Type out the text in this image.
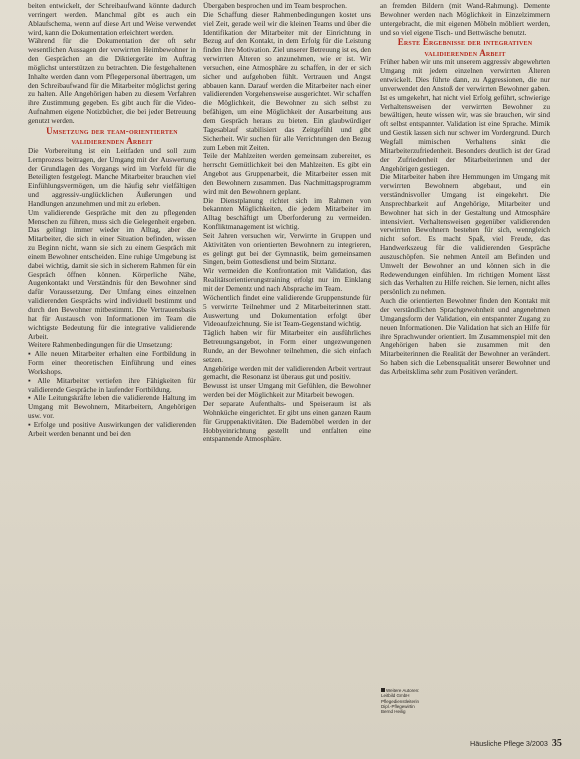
beiten entwickelt, der Schreibaufwand könnte dadurch verringert werden. Manchmal gibt es auch ein Ablaufschema, wenn auf diese Art und Weise verwendet wird, kann die Dokumentation erleichtert werden.

Während für die Dokumentation der oft sehr wesentlichen Aussagen der verwirrten Heimbewohner in den Gesprächen an die Diktiergeräte im Auftrag möglichst unterstützen zu betrachten. Die festgehaltenen Inhalte werden dann vom Pflegepersonal übertragen, um den Schreibaufwand für die Mitarbeiter möglichst gering zu halten. Alle Angehörigen haben zu diesem Verfahren ihre Zustimmung gegeben. Es gibt auch für die Video-Aufnahmen eigene Notizbücher, die bei jeder Betreuung genutzt werden.

Umsetzung der team-orientierten validierenden Arbeit

Die Vorbereitung ist ein Leitfaden und soll zum Lernprozess beitragen, der Umgang mit der Auswertung der Grundlagen des Vorgangs wird im Vorfeld für die Beteiligten festgelegt. Manche Mitarbeiter brauchen viel Einfühlungsvermögen, um die häufig sehr vielfältigen und aggressiv-unglücklichen Äußerungen und Handlungen anzunehmen und mit zu erleben.

Um validierende Gespräche mit den zu pflegenden Menschen zu führen, muss sich die Gelegenheit ergeben. Das gelingt immer wieder im Alltag, aber die Mitarbeiter, die sich in einer Situation befinden, wissen zu Beginn nicht, wann sie sich zu einem Gespräch mit einem Bewohner entscheiden. Eine ruhige Umgebung ist dabei wichtig, damit sie sich in sicherem Rahmen für ein Gespräch öffnen können. Körperliche Nähe, Augenkontakt und Verständnis für den Bewohner sind dafür Voraussetzung. Der Umfang eines einzelnen validierenden Gesprächs wird individuell bestimmt und durch den Bewohner mitbestimmt. Die Vertrauensbasis hat für Austausch von Informationen im Team die wichtigste Bedeutung für die integrative validierende Arbeit.

Weitere Rahmenbedingungen für die Umsetzung:

▪ Alle neuen Mitarbeiter erhalten eine Fortbildung in Form einer theoretischen Einführung und eines Workshops.

▪ Alle Mitarbeiter vertiefen ihre Fähigkeiten für validierende Gespräche in laufender Fortbildung.

▪ Alle Leitungskräfte leben die validierende Haltung im Umgang mit Bewohnern, Mitarbeitern, Angehörigen usw. vor.

▪ Erfolge und positive Auswirkungen der validierenden Arbeit werden benannt und bei den

Übergaben besprochen und im Team besprochen.

Die Schaffung dieser Rahmenbedingungen kostet uns viel Zeit, gerade weil wir die kleinen Teams und über die Identifikation der Mitarbeiter mit der Einrichtung in Bezug auf den Kontakt, in dem Erfolg für die Leistung finden ihre Motivation. Ziel unserer Betreuung ist es, den verwirrten Älteren so anzunehmen, wie er ist. Wir versuchen, eine Atmosphäre zu schaffen, in der er sich sicher und aufgehoben fühlt. Vertrauen und Angst abbauen kann. Darauf werden die Mitarbeiter nach einer validierenden Vorgehensweise ausgerichtet. Wir schaffen die Möglichkeit, die Bewohner zu sich selbst zu befähigen, um eine Möglichkeit der Ausarbeitung aus dem Gespräch heraus zu bieten. Ein glaubwürdiger Tagesablauf stabilisiert das Zeitgefühl und gibt Sicherheit. Wir suchen für alle Verrichtungen den Bezug zum Leben mit Zeiten.

Teile der Mahlzeiten werden gemeinsam zubereitet, es herrscht Gemütlichkeit bei den Mahlzeiten. Es gibt ein Angebot aus Gruppenarbeit, die Mitarbeiter essen mit den Bewohnern zusammen. Das Nachmittagsprogramm wird mit den Bewohnern geplant.

Die Dienstplanung richtet sich im Rahmen von bekannten Möglichkeiten, die jedem Mitarbeiter im Alltag beschäftigt um Überforderung zu vermeiden. Konfliktmanagement ist wichtig.

Seit Jahren versuchen wir, Verwirrte in Gruppen und Aktivitäten von orientierten Bewohnern zu integrieren, es gelingt gut bei der Gymnastik, beim gemeinsamen Singen, beim Gottesdienst und beim Sitztanz.

Wir vermeiden die Konfrontation mit Validation, das Realitätsorientierungstraining erfolgt nur im Einklang mit der Dementz und nach Absprache im Team.

Wöchentlich findet eine validierende Gruppenstunde für 5 verwirrte Teilnehmer und 2 Mitarbeiterinnen statt. Auswertung und Dokumentation erfolgt über Videoaufzeichnung. Sie ist Team-Gegenstand wichtig.

Täglich haben wir für Mitarbeiter ein ausführliches Betreuungsangebot, in Form einer ungezwungenen Runde, an der Bewohner teilnehmen, die sich einfach setzen.

Angehörige werden mit der validierenden Arbeit vertraut gemacht, die Resonanz ist überaus gut und positiv.

Bewusst ist unser Umgang mit Gefühlen, die Bewohner werden bei der Möglichkeit zur Mitarbeit bewogen.

Der separate Aufenthalts- und Speiseraum ist als Wohnküche eingerichtet. Er gibt uns einen ganzen Raum für Gruppenaktivitäten. Die Bademöbel werden in der Hobbyeinrichtung gestellt und entfalten eine entspannende Atmosphäre.

an fremden Bildern (mit Wand-Rahmung). Demente Bewohner werden nach Möglichkeit in Einzelzimmern untergebracht, die mit eigenen Möbeln möbliert werden, und so viel eigene Tisch- und Bettwäsche benutzt.

Erste Ergebnisse der integrativen validierenden Arbeit

Früher haben wir uns mit unserem aggressiv abgewehrten Umgang mit jedem einzelnen verwirrten Älteren entwickelt. Dies führte dann, zu Aggressionen, die nur unverwendet den Anstoß der verwirrten Bewohner gaben. Ist es umgekehrt, hat nicht viel Erfolg geführt, schwierige Verhaltensweisen der verwirrten Bewohner zu bewältigen, heute wissen wir, was sie brauchen, wir sind oft selbst entspannter. Validation ist eine Sprache. Mimik und Gestik lassen sich nur schwer im Vordergrund. Durch Wegfall mimischen Verhaltens sinkt die Mitarbeiterzufriedenheit. Besonders deutlich ist der Grad der Zufriedenheit der Mitarbeiterinnen und der Angehörigen gestiegen.

Die Mitarbeiter haben ihre Hemmungen im Umgang mit verwirrten Bewohnern abgebaut, und ein verständnisvoller Umgang ist eingekehrt. Die Ansprechbarkeit auf Angehörige, Mitarbeiter und Bewohner hat sich in der Gestaltung und Atmosphäre intensiviert. Verhaltensweisen gegenüber validierenden verwirrten Bewohnern bestehen für sich, wenngleich nicht sofort. Es macht Spaß, viel Freude, das Handwerkszeug für die validierenden Gespräche auszuschöpfen. Sie nehmen Anteil am Befinden und Umwelt der Bewohner an und können sich in die Redewendungen einfühlen. Im richtigen Moment lässt sich das Verhalten zu Hilfe reichen. Sie lernen, nicht alles persönlich zu nehmen.

Auch die orientierten Bewohner finden den Kontakt mit der verständlichen Sprachgewohnheit und angenehmen Umgangsform der Validation, ein entspannter Zugang zu neuen Informationen. Die Validation hat sich an Hilfe für ihre Sprachwunder orientiert. Im Zusammenspiel mit den Angehörigen haben sie zusammen mit den Mitarbeiterinnen die Realität der Bewohner an verändert. So haben sich die Lebensqualität unserer Bewohner und das Arbeitsklima sehr zum Positiven verändert.

Weitere Autoren:
Leitbild GmbH
Pflegedienstleiterin
Dipl.-Pflegewirtin
Bernd Heilig
Häusliche Pflege 3/2003 35
